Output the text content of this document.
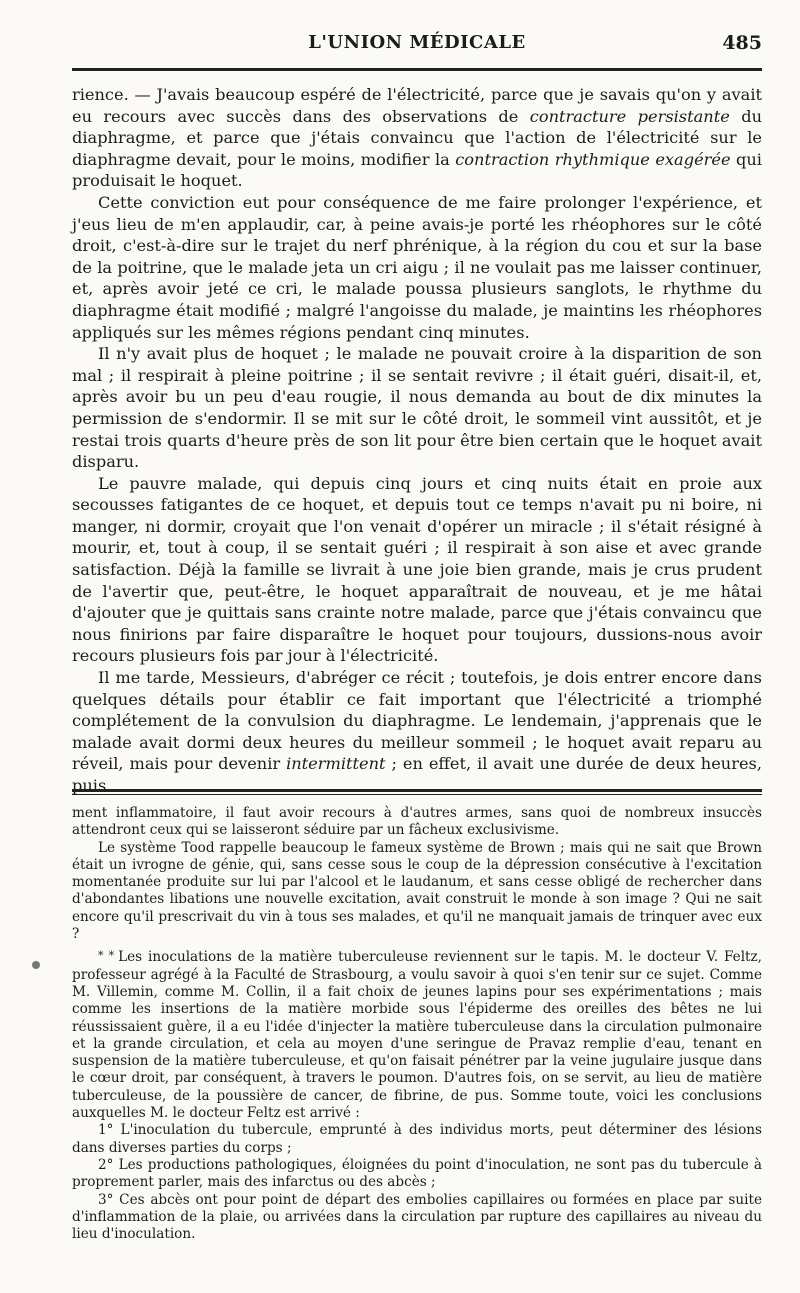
L'UNION MÉDICALE	485

rience. — J'avais beaucoup espéré de l'électricité, parce que je savais qu'on y avait eu recours avec succès dans des observations de contracture persistante du diaphragme, et parce que j'étais convaincu que l'action de l'électricité sur le diaphragme devait, pour le moins, modifier la contraction rhythmique exagérée qui produisait le hoquet.

Cette conviction eut pour conséquence de me faire prolonger l'expérience, et j'eus lieu de m'en applaudir, car, à peine avais-je porté les rhéophores sur le côté droit, c'est-à-dire sur le trajet du nerf phrénique, à la région du cou et sur la base de la poitrine, que le malade jeta un cri aigu ; il ne voulait pas me laisser continuer, et, après avoir jeté ce cri, le malade poussa plusieurs sanglots, le rhythme du diaphragme était modifié ; malgré l'angoisse du malade, je maintins les rhéophores appliqués sur les mêmes régions pendant cinq minutes.

Il n'y avait plus de hoquet ; le malade ne pouvait croire à la disparition de son mal ; il respirait à pleine poitrine ; il se sentait revivre ; il était guéri, disait-il, et, après avoir bu un peu d'eau rougie, il nous demanda au bout de dix minutes la permission de s'endormir. Il se mit sur le côté droit, le sommeil vint aussitôt, et je restai trois quarts d'heure près de son lit pour être bien certain que le hoquet avait disparu.

Le pauvre malade, qui depuis cinq jours et cinq nuits était en proie aux secousses fatigantes de ce hoquet, et depuis tout ce temps n'avait pu ni boire, ni manger, ni dormir, croyait que l'on venait d'opérer un miracle ; il s'était résigné à mourir, et, tout à coup, il se sentait guéri ; il respirait à son aise et avec grande satisfaction. Déjà la famille se livrait à une joie bien grande, mais je crus prudent de l'avertir que, peut-être, le hoquet apparaîtrait de nouveau, et je me hâtai d'ajouter que je quittais sans crainte notre malade, parce que j'étais convaincu que nous finirions par faire disparaître le hoquet pour toujours, dussions-nous avoir recours plusieurs fois par jour à l'électricité.

Il me tarde, Messieurs, d'abréger ce récit ; toutefois, je dois entrer encore dans quelques détails pour établir ce fait important que l'électricité a triomphé complétement de la convulsion du diaphragme. Le lendemain, j'apprenais que le malade avait dormi deux heures du meilleur sommeil ; le hoquet avait reparu au réveil, mais pour devenir intermittent ; en effet, il avait une durée de deux heures, puis

ment inflammatoire, il faut avoir recours à d'autres armes, sans quoi de nombreux insuccès attendront ceux qui se laisseront séduire par un fâcheux exclusivisme.

Le système Tood rappelle beaucoup le fameux système de Brown ; mais qui ne sait que Brown était un ivrogne de génie, qui, sans cesse sous le coup de la dépression consécutive à l'excitation momentanée produite sur lui par l'alcool et le laudanum, et sans cesse obligé de rechercher dans d'abondantes libations une nouvelle excitation, avait construit le monde à son image ? Qui ne sait encore qu'il prescrivait du vin à tous ses malades, et qu'il ne manquait jamais de trinquer avec eux ?

* * Les inoculations de la matière tuberculeuse reviennent sur le tapis. M. le docteur V. Feltz, professeur agrégé à la Faculté de Strasbourg, a voulu savoir à quoi s'en tenir sur ce sujet. Comme M. Villemin, comme M. Collin, il a fait choix de jeunes lapins pour ses expérimentations ; mais comme les insertions de la matière morbide sous l'épiderme des oreilles des bêtes ne lui réussissaient guère, il a eu l'idée d'injecter la matière tuberculeuse dans la circulation pulmonaire et la grande circulation, et cela au moyen d'une seringue de Pravaz remplie d'eau, tenant en suspension de la matière tuberculeuse, et qu'on faisait pénétrer par la veine jugulaire jusque dans le cœur droit, par conséquent, à travers le poumon. D'autres fois, on se servit, au lieu de matière tuberculeuse, de la poussière de cancer, de fibrine, de pus. Somme toute, voici les conclusions auxquelles M. le docteur Feltz est arrivé :

1° L'inoculation du tubercule, emprunté à des individus morts, peut déterminer des lésions dans diverses parties du corps ;

2° Les productions pathologiques, éloignées du point d'inoculation, ne sont pas du tubercule à proprement parler, mais des infarctus ou des abcès ;

3° Ces abcès ont pour point de départ des embolies capillaires ou formées en place par suite d'inflammation de la plaie, ou arrivées dans la circulation par rupture des capillaires au niveau du lieu d'inoculation.
